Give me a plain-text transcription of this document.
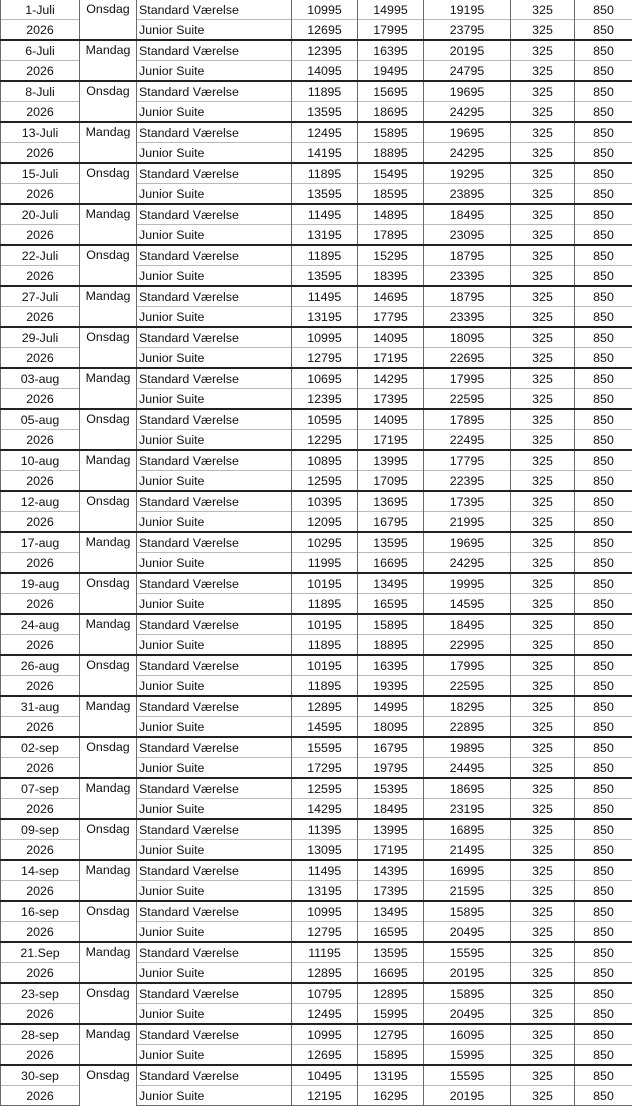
1-Juli	Onsdag	Standard Værelse	10995	14995	19195	325	850
2026		Junior Suite	12695	17995	23795	325	850
6-Juli	Mandag	Standard Værelse	12395	16395	20195	325	850
2026		Junior Suite	14095	19495	24795	325	850
8-Juli	Onsdag	Standard Værelse	11895	15695	19695	325	850
2026		Junior Suite	13595	18695	24295	325	850
13-Juli	Mandag	Standard Værelse	12495	15895	19695	325	850
2026		Junior Suite	14195	18895	24295	325	850
15-Juli	Onsdag	Standard Værelse	11895	15495	19295	325	850
2026		Junior Suite	13595	18595	23895	325	850
20-Juli	Mandag	Standard Værelse	11495	14895	18495	325	850
2026		Junior Suite	13195	17895	23095	325	850
22-Juli	Onsdag	Standard Værelse	11895	15295	18795	325	850
2026		Junior Suite	13595	18395	23395	325	850
27-Juli	Mandag	Standard Værelse	11495	14695	18795	325	850
2026		Junior Suite	13195	17795	23395	325	850
29-Juli	Onsdag	Standard Værelse	10995	14095	18095	325	850
2026		Junior Suite	12795	17195	22695	325	850
03-aug	Mandag	Standard Værelse	10695	14295	17995	325	850
2026		Junior Suite	12395	17395	22595	325	850
05-aug	Onsdag	Standard Værelse	10595	14095	17895	325	850
2026		Junior Suite	12295	17195	22495	325	850
10-aug	Mandag	Standard Værelse	10895	13995	17795	325	850
2026		Junior Suite	12595	17095	22395	325	850
12-aug	Onsdag	Standard Værelse	10395	13695	17395	325	850
2026		Junior Suite	12095	16795	21995	325	850
17-aug	Mandag	Standard Værelse	10295	13595	19695	325	850
2026		Junior Suite	11995	16695	24295	325	850
19-aug	Onsdag	Standard Værelse	10195	13495	19995	325	850
2026		Junior Suite	11895	16595	14595	325	850
24-aug	Mandag	Standard Værelse	10195	15895	18495	325	850
2026		Junior Suite	11895	18895	22995	325	850
26-aug	Onsdag	Standard Værelse	10195	16395	17995	325	850
2026		Junior Suite	11895	19395	22595	325	850
31-aug	Mandag	Standard Værelse	12895	14995	18295	325	850
2026		Junior Suite	14595	18095	22895	325	850
02-sep	Onsdag	Standard Værelse	15595	16795	19895	325	850
2026		Junior Suite	17295	19795	24495	325	850
07-sep	Mandag	Standard Værelse	12595	15395	18695	325	850
2026		Junior Suite	14295	18495	23195	325	850
09-sep	Onsdag	Standard Værelse	11395	13995	16895	325	850
2026		Junior Suite	13095	17195	21495	325	850
14-sep	Mandag	Standard Værelse	11495	14395	16995	325	850
2026		Junior Suite	13195	17395	21595	325	850
16-sep	Onsdag	Standard Værelse	10995	13495	15895	325	850
2026		Junior Suite	12795	16595	20495	325	850
21.Sep	Mandag	Standard Værelse	11195	13595	15595	325	850
2026		Junior Suite	12895	16695	20195	325	850
23-sep	Onsdag	Standard Værelse	10795	12895	15895	325	850
2026		Junior Suite	12495	15995	20495	325	850
28-sep	Mandag	Standard Værelse	10995	12795	16095	325	850
2026		Junior Suite	12695	15895	15995	325	850
30-sep	Onsdag	Standard Værelse	10495	13195	15595	325	850
2026		Junior Suite	12195	16295	20195	325	850
